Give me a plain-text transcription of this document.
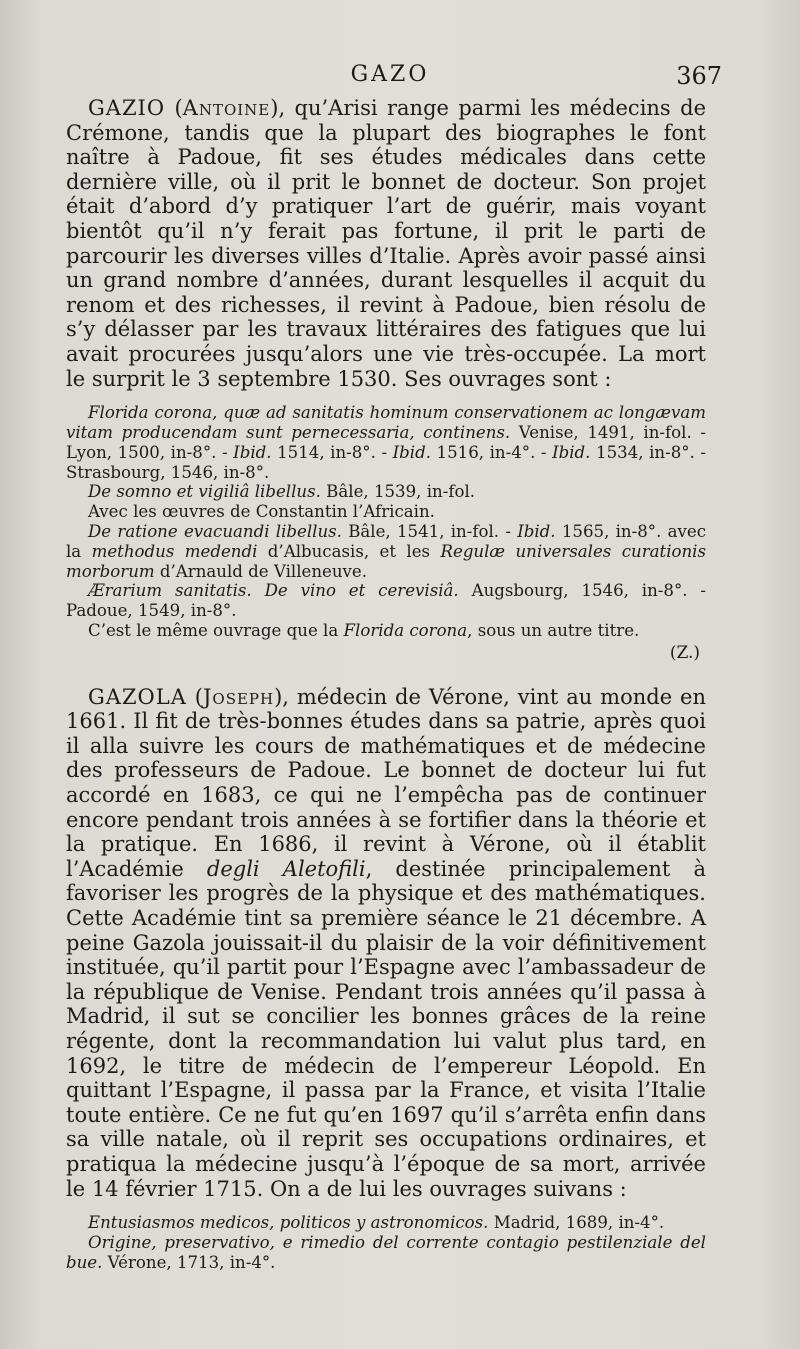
GAZO	367

GAZIO (Antoine), qu’Arisi range parmi les médecins de Crémone, tandis que la plupart des biographes le font naître à Padoue, fit ses études médicales dans cette dernière ville, où il prit le bonnet de docteur. Son projet était d’abord d’y pratiquer l’art de guérir, mais voyant bientôt qu’il n’y ferait pas fortune, il prit le parti de parcourir les diverses villes d’Italie. Après avoir passé ainsi un grand nombre d’années, durant lesquelles il acquit du renom et des richesses, il revint à Padoue, bien résolu de s’y délasser par les travaux littéraires des fatigues que lui avait procurées jusqu’alors une vie très-occupée. La mort le surprit le 3 septembre 1530. Ses ouvrages sont :

Florida corona, quæ ad sanitatis hominum conservationem ac longævam vitam producendam sunt pernecessaria, continens. Venise, 1491, in-fol. - Lyon, 1500, in-8°. - Ibid. 1514, in-8°. - Ibid. 1516, in-4°. - Ibid. 1534, in-8°. - Strasbourg, 1546, in-8°.

De somno et vigiliâ libellus. Bâle, 1539, in-fol.

Avec les œuvres de Constantin l’Africain.

De ratione evacuandi libellus. Bâle, 1541, in-fol. - Ibid. 1565, in-8°. avec la methodus medendi d’Albucasis, et les Regulæ universales curationis morborum d’Arnauld de Villeneuve.

Ærarium sanitatis. De vino et cerevisiâ. Augsbourg, 1546, in-8°. - Padoue, 1549, in-8°.

C’est le même ouvrage que la Florida corona, sous un autre titre.

(Z.)

GAZOLA (Joseph), médecin de Vérone, vint au monde en 1661. Il fit de très-bonnes études dans sa patrie, après quoi il alla suivre les cours de mathématiques et de médecine des professeurs de Padoue. Le bonnet de docteur lui fut accordé en 1683, ce qui ne l’empêcha pas de continuer encore pendant trois années à se fortifier dans la théorie et la pratique. En 1686, il revint à Vérone, où il établit l’Académie degli Aletofili, destinée principalement à favoriser les progrès de la physique et des mathématiques. Cette Académie tint sa première séance le 21 décembre. A peine Gazola jouissait-il du plaisir de la voir définitivement instituée, qu’il partit pour l’Espagne avec l’ambassadeur de la république de Venise. Pendant trois années qu’il passa à Madrid, il sut se concilier les bonnes grâces de la reine régente, dont la recommandation lui valut plus tard, en 1692, le titre de médecin de l’empereur Léopold. En quittant l’Espagne, il passa par la France, et visita l’Italie toute entière. Ce ne fut qu’en 1697 qu’il s’arrêta enfin dans sa ville natale, où il reprit ses occupations ordinaires, et pratiqua la médecine jusqu’à l’époque de sa mort, arrivée le 14 février 1715. On a de lui les ouvrages suivans :

Entusiasmos medicos, politicos y astronomicos. Madrid, 1689, in-4°.

Origine, preservativo, e rimedio del corrente contagio pestilenziale del bue. Vérone, 1713, in-4°.
